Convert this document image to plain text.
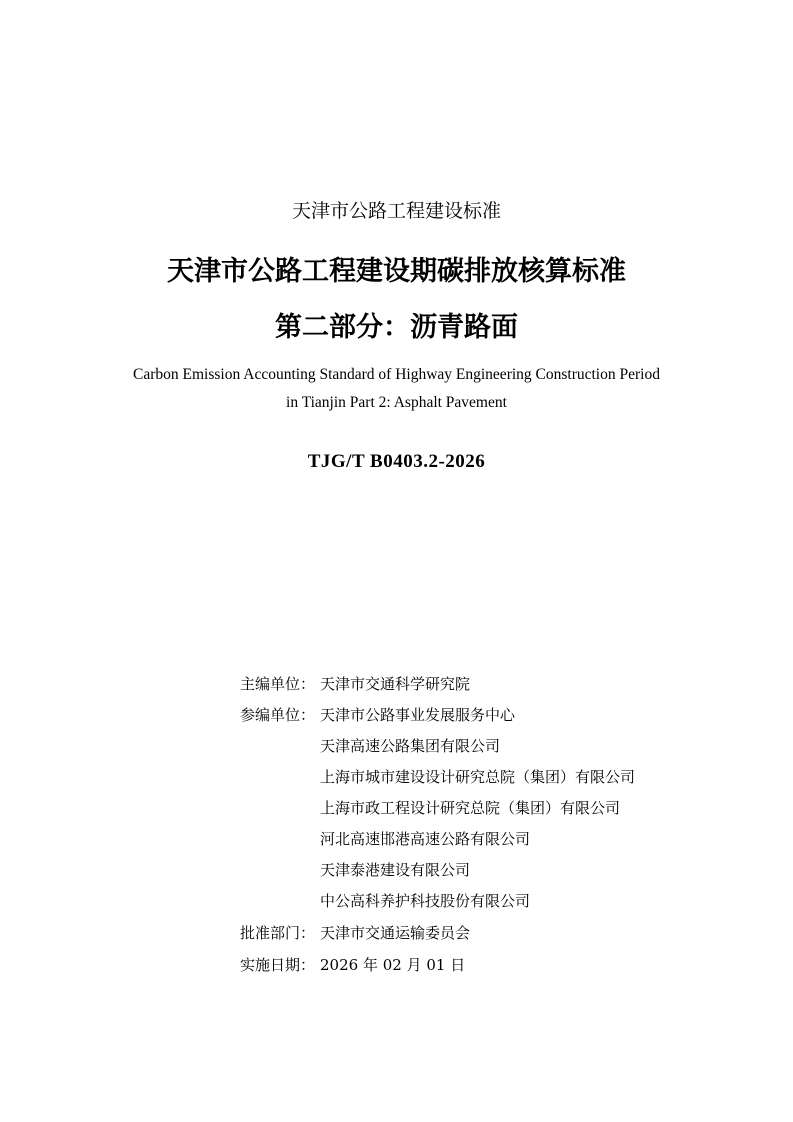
天津市公路工程建设标准
天津市公路工程建设期碳排放核算标准
第二部分：沥青路面
Carbon Emission Accounting Standard of Highway Engineering Construction Period
in Tianjin Part 2: Asphalt Pavement
TJG/T B0403.2-2026
主编单位： 天津市交通科学研究院
参编单位： 天津市公路事业发展服务中心
天津高速公路集团有限公司
上海市城市建设设计研究总院（集团）有限公司
上海市政工程设计研究总院（集团）有限公司
河北高速邯港高速公路有限公司
天津泰港建设有限公司
中公高科养护科技股份有限公司
批准部门： 天津市交通运输委员会
实施日期： 2026 年 02 月 01 日
